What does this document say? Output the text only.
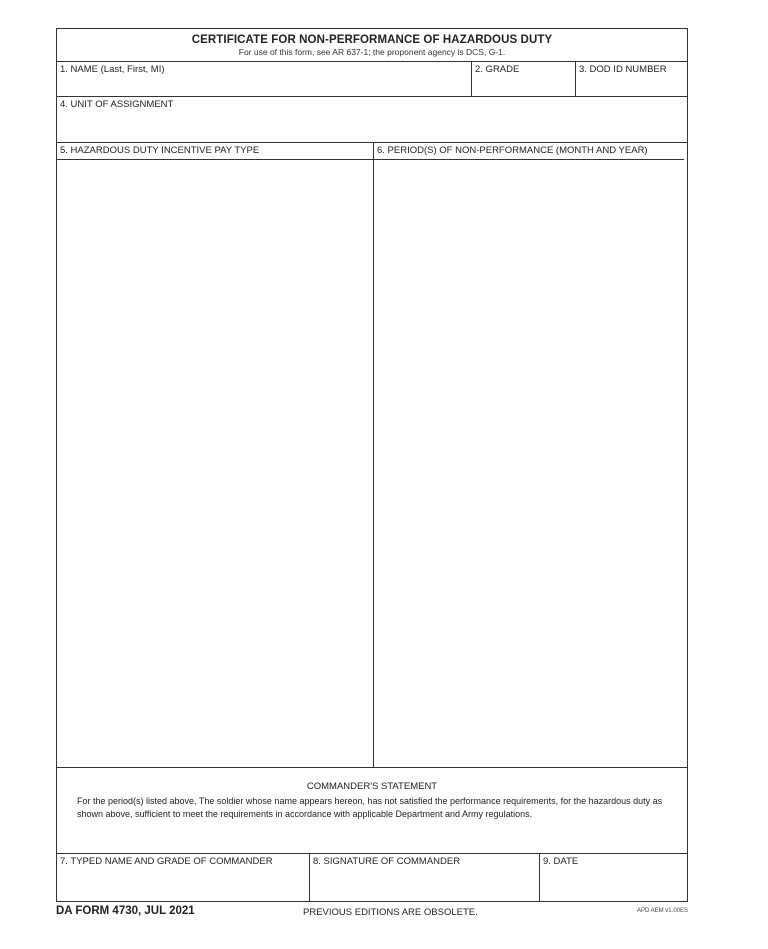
CERTIFICATE FOR NON-PERFORMANCE OF HAZARDOUS DUTY
For use of this form, see AR 637-1; the proponent agency is DCS, G-1.
1. NAME (Last, First, MI)	2. GRADE	3. DOD ID NUMBER
4. UNIT OF ASSIGNMENT
5. HAZARDOUS DUTY INCENTIVE PAY TYPE	6. PERIOD(S) OF NON-PERFORMANCE (MONTH AND YEAR)
COMMANDER'S STATEMENT
For the period(s) listed above, The soldier whose name appears hereon, has not satisfied the performance requirements, for the hazardous duty as shown above, sufficient to meet the requirements in accordance with applicable Department and Army regulations.
7. TYPED NAME AND GRADE OF COMMANDER	8. SIGNATURE OF COMMANDER	9. DATE
DA FORM 4730, JUL 2021	PREVIOUS EDITIONS ARE OBSOLETE.	APD AEM v1.00ES
